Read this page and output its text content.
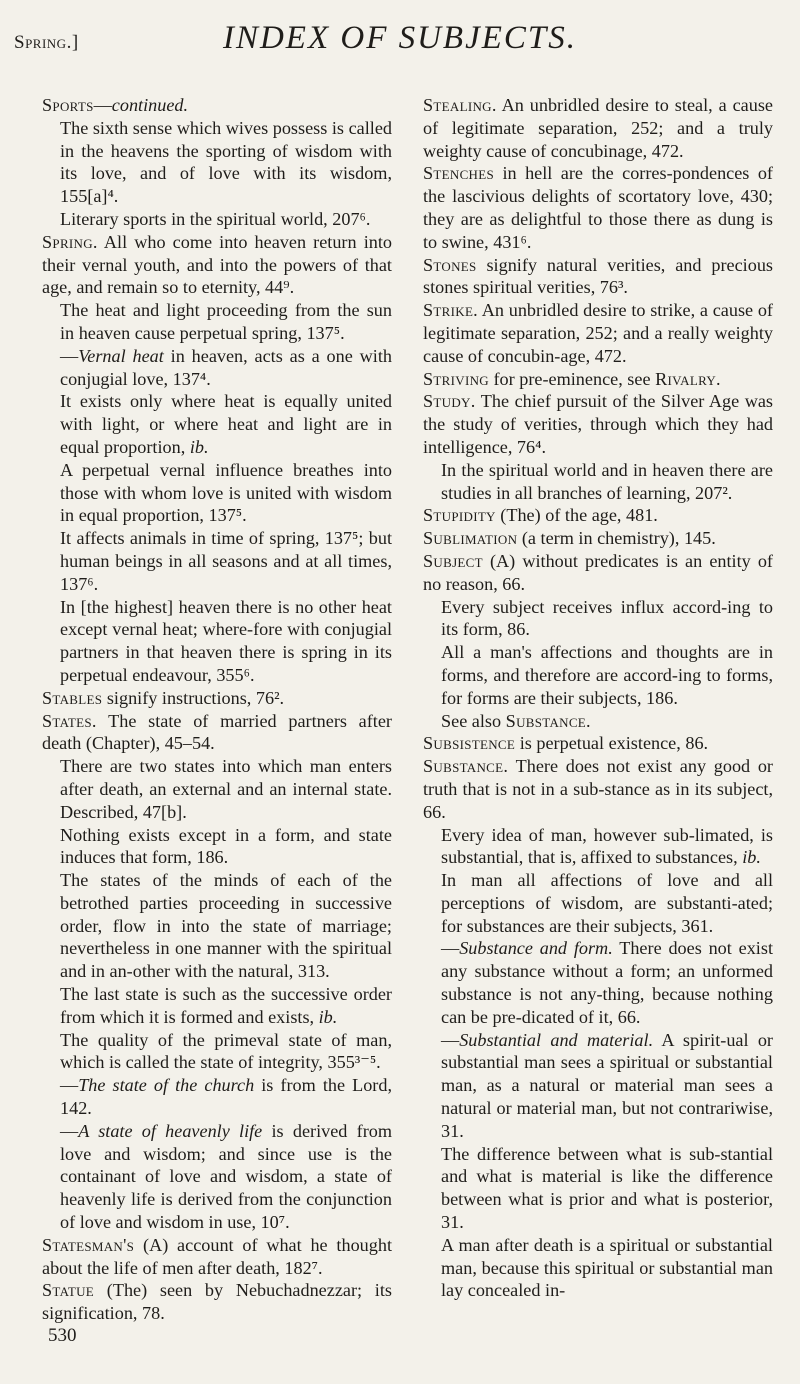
Spring.]	INDEX OF SUBJECTS.

Sports—continued.

The sixth sense which wives possess is called in the heavens the sporting of wisdom with its love, and of love with its wisdom, 155[a]⁴.

Literary sports in the spiritual world, 207⁶.

Spring. All who come into heaven return into their vernal youth, and into the powers of that age, and remain so to eternity, 44⁹.

The heat and light proceeding from the sun in heaven cause perpetual spring, 137⁵.

—Vernal heat in heaven, acts as a one with conjugial love, 137⁴.

It exists only where heat is equally united with light, or where heat and light are in equal proportion, ib.

A perpetual vernal influence breathes into those with whom love is united with wisdom in equal proportion, 137⁵.

It affects animals in time of spring, 137⁵; but human beings in all seasons and at all times, 137⁶.

In [the highest] heaven there is no other heat except vernal heat; where-fore with conjugial partners in that heaven there is spring in its perpetual endeavour, 355⁶.

Stables signify instructions, 76².

States. The state of married partners after death (Chapter), 45–54.

There are two states into which man enters after death, an external and an internal state. Described, 47[b].

Nothing exists except in a form, and state induces that form, 186.

The states of the minds of each of the betrothed parties proceeding in successive order, flow in into the state of marriage; nevertheless in one manner with the spiritual and in an-other with the natural, 313.

The last state is such as the successive order from which it is formed and exists, ib.

The quality of the primeval state of man, which is called the state of integrity, 355³⁻⁵.

—The state of the church is from the Lord, 142.

—A state of heavenly life is derived from love and wisdom; and since use is the containant of love and wisdom, a state of heavenly life is derived from the conjunction of love and wisdom in use, 10⁷.

Statesman's (A) account of what he thought about the life of men after death, 182⁷.

Statue (The) seen by Nebuchadnezzar; its signification, 78.

530

Stealing. An unbridled desire to steal, a cause of legitimate separation, 252; and a truly weighty cause of concubinage, 472.

Stenches in hell are the corres-pondences of the lascivious delights of scortatory love, 430; they are as delightful to those there as dung is to swine, 431⁶.

Stones signify natural verities, and precious stones spiritual verities, 76³.

Strike. An unbridled desire to strike, a cause of legitimate separation, 252; and a really weighty cause of concubin-age, 472.

Striving for pre-eminence, see Rivalry.

Study. The chief pursuit of the Silver Age was the study of verities, through which they had intelligence, 76⁴.

In the spiritual world and in heaven there are studies in all branches of learning, 207².

Stupidity (The) of the age, 481.

Sublimation (a term in chemistry), 145.

Subject (A) without predicates is an entity of no reason, 66.

Every subject receives influx accord-ing to its form, 86.

All a man's affections and thoughts are in forms, and therefore are accord-ing to forms, for forms are their subjects, 186.

See also Substance.

Subsistence is perpetual existence, 86.

Substance. There does not exist any good or truth that is not in a sub-stance as in its subject, 66.

Every idea of man, however sub-limated, is substantial, that is, affixed to substances, ib.

In man all affections of love and all perceptions of wisdom, are substanti-ated; for substances are their subjects, 361.

—Substance and form. There does not exist any substance without a form; an unformed substance is not any-thing, because nothing can be pre-dicated of it, 66.

—Substantial and material. A spirit-ual or substantial man sees a spiritual or substantial man, as a natural or material man sees a natural or material man, but not contrariwise, 31.

The difference between what is sub-stantial and what is material is like the difference between what is prior and what is posterior, 31.

A man after death is a spiritual or substantial man, because this spiritual or substantial man lay concealed in-
